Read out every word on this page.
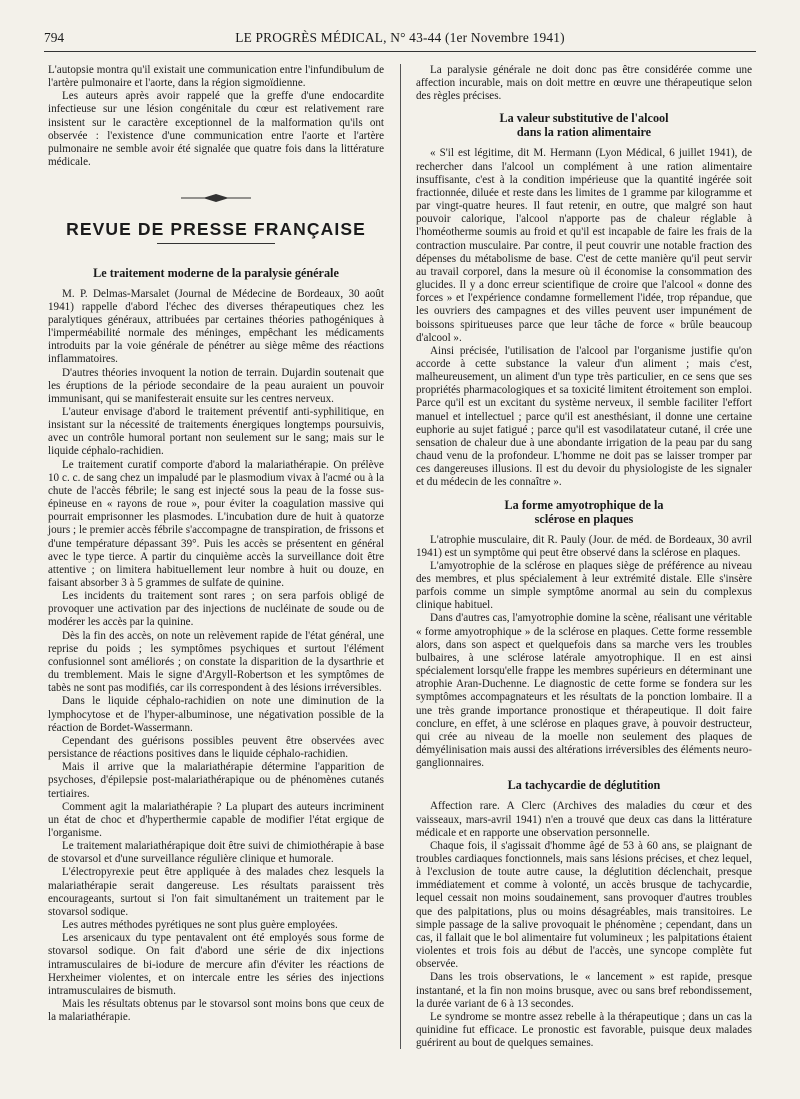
794	LE PROGRÈS MÉDICAL, N° 43-44 (1er Novembre 1941)

L'autopsie montra qu'il existait une communication entre l'infundibulum de l'artère pulmonaire et l'aorte, dans la région sigmoïdienne.

Les auteurs après avoir rappelé que la greffe d'une endocardite infectieuse sur une lésion congénitale du cœur est relativement rare insistent sur le caractère exceptionnel de la malformation qu'ils ont observée : l'existence d'une communication entre l'aorte et l'artère pulmonaire ne semble avoir été signalée que quatre fois dans la littérature médicale.

REVUE DE PRESSE FRANÇAISE
Le traitement moderne de la paralysie générale

M. P. Delmas-Marsalet (Journal de Médecine de Bordeaux, 30 août 1941) rappelle d'abord l'échec des diverses thérapeutiques chez les paralytiques généraux, attribuées par certaines théories pathogéniques à l'imperméabilité normale des méninges, empêchant les médicaments introduits par la voie générale de pénétrer au siège même des réactions inflammatoires.

D'autres théories invoquent la notion de terrain. Dujardin soutenait que les éruptions de la période secondaire de la peau auraient un pouvoir immunisant, qui se manifesterait ensuite sur les centres nerveux.

L'auteur envisage d'abord le traitement préventif anti-syphilitique, en insistant sur la nécessité de traitements énergiques longtemps poursuivis, avec un contrôle humoral portant non seulement sur le sang; mais sur le liquide céphalo-rachidien.

Le traitement curatif comporte d'abord la malariathérapie. On prélève 10 c. c. de sang chez un impaludé par le plasmodium vivax à l'acmé ou à la chute de l'accès fébrile; le sang est injecté sous la peau de la fosse sus-épineuse en « rayons de roue », pour éviter la coagulation massive qui pourrait emprisonner les plasmodes. L'incubation dure de huit à quatorze jours ; le premier accès fébrile s'accompagne de transpiration, de frissons et d'une température dépassant 39°. Puis les accès se présentent en général avec le type tierce. A partir du cinquième accès la surveillance doit être attentive ; on limitera habituellement leur nombre à huit ou douze, en faisant absorber 3 à 5 grammes de sulfate de quinine.

Les incidents du traitement sont rares ; on sera parfois obligé de provoquer une activation par des injections de nucléinate de soude ou de modérer les accès par la quinine.

Dès la fin des accès, on note un relèvement rapide de l'état général, une reprise du poids ; les symptômes psychiques et surtout l'élément confusionnel sont améliorés ; on constate la disparition de la dysarthrie et du tremblement. Mais le signe d'Argyll-Robertson et les symptômes de tabès ne sont pas modifiés, car ils correspondent à des lésions irréversibles.

Dans le liquide céphalo-rachidien on note une diminution de la lymphocytose et de l'hyper-albuminose, une négativation possible de la réaction de Bordet-Wassermann.

Cependant des guérisons possibles peuvent être observées avec persistance de réactions positives dans le liquide céphalo-rachidien.

Mais il arrive que la malariathérapie détermine l'apparition de psychoses, d'épilepsie post-malariathérapique ou de phénomènes cutanés tertiaires.

Comment agit la malariathérapie ? La plupart des auteurs incriminent un état de choc et d'hyperthermie capable de modifier l'état ergique de l'organisme.

Le traitement malariathérapique doit être suivi de chimiothérapie à base de stovarsol et d'une surveillance régulière clinique et humorale.

L'électropyrexie peut être appliquée à des malades chez lesquels la malariathérapie serait dangereuse. Les résultats paraissent très encourageants, surtout si l'on fait simultanément un traitement par le stovarsol sodique.

Les autres méthodes pyrétiques ne sont plus guère employées.

Les arsenicaux du type pentavalent ont été employés sous forme de stovarsol sodique. On fait d'abord une série de dix injections intramusculaires de bi-iodure de mercure afin d'éviter les réactions de Herxheimer violentes, et on intercale entre les séries des injections intramusculaires de bismuth.

Mais les résultats obtenus par le stovarsol sont moins bons que ceux de la malariathérapie.

La paralysie générale ne doit donc pas être considérée comme une affection incurable, mais on doit mettre en œuvre une thérapeutique selon des règles précises.

La valeur substitutive de l'alcool
dans la ration alimentaire

« S'il est légitime, dit M. Hermann (Lyon Médical, 6 juillet 1941), de rechercher dans l'alcool un complément à une ration alimentaire insuffisante, c'est à la condition impérieuse que la quantité ingérée soit fractionnée, diluée et reste dans les limites de 1 gramme par kilogramme et par vingt-quatre heures. Il faut retenir, en outre, que malgré son haut pouvoir calorique, l'alcool n'apporte pas de chaleur réglable à l'homéotherme soumis au froid et qu'il est incapable de faire les frais de la contraction musculaire. Par contre, il peut couvrir une notable fraction des dépenses du métabolisme de base. C'est de cette manière qu'il peut servir au travail corporel, dans la mesure où il économise la consommation des glucides. Il y a donc erreur scientifique de croire que l'alcool « donne des forces » et l'expérience condamne formellement l'idée, trop répandue, que les ouvriers des campagnes et des villes peuvent user impunément de boissons spiritueuses parce que leur tâche de force « brûle beaucoup d'alcool ».

Ainsi précisée, l'utilisation de l'alcool par l'organisme justifie qu'on accorde à cette substance la valeur d'un aliment ; mais c'est, malheureusement, un aliment d'un type très particulier, en ce sens que ses propriétés pharmacologiques et sa toxicité limitent étroitement son emploi. Parce qu'il est un excitant du système nerveux, il semble faciliter l'effort manuel et intellectuel ; parce qu'il est anesthésiant, il donne une certaine euphorie au sujet fatigué ; parce qu'il est vasodilatateur cutané, il crée une sensation de chaleur due à une abondante irrigation de la peau par du sang chaud venu de la profondeur. L'homme ne doit pas se laisser tromper par ces dangereuses illusions. Il est du devoir du physiologiste de les signaler et du médecin de les connaître ».

La forme amyotrophique de la
sclérose en plaques

L'atrophie musculaire, dit R. Pauly (Jour. de méd. de Bordeaux, 30 avril 1941) est un symptôme qui peut être observé dans la sclérose en plaques.

L'amyotrophie de la sclérose en plaques siège de préférence au niveau des membres, et plus spécialement à leur extrémité distale. Elle s'insère parfois comme un simple symptôme anormal au sein du complexus clinique habituel.

Dans d'autres cas, l'amyotrophie domine la scène, réalisant une véritable « forme amyotrophique » de la sclérose en plaques. Cette forme ressemble alors, dans son aspect et quelquefois dans sa marche vers les troubles bulbaires, à une sclérose latérale amyotrophique. Il en est ainsi spécialement lorsqu'elle frappe les membres supérieurs en déterminant une atrophie Aran-Duchenne. Le diagnostic de cette forme se fondera sur les symptômes accompagnateurs et les résultats de la ponction lombaire. Il a une très grande importance pronostique et thérapeutique. Il doit faire conclure, en effet, à une sclérose en plaques grave, à pouvoir destructeur, qui crée au niveau de la moelle non seulement des plaques de démyélinisation mais aussi des altérations irréversibles des éléments neuro-ganglionnaires.

La tachycardie de déglutition

Affection rare. A Clerc (Archives des maladies du cœur et des vaisseaux, mars-avril 1941) n'en a trouvé que deux cas dans la littérature médicale et en rapporte une observation personnelle.

Chaque fois, il s'agissait d'homme âgé de 53 à 60 ans, se plaignant de troubles cardiaques fonctionnels, mais sans lésions précises, et chez lequel, à l'exclusion de toute autre cause, la déglutition déclenchait, presque immédiatement et comme à volonté, un accès brusque de tachycardie, lequel cessait non moins soudainement, sans provoquer d'autres troubles que des palpitations, plus ou moins désagréables, mais transitoires. Le simple passage de la salive provoquait le phénomène ; cependant, dans un cas, il fallait que le bol alimentaire fut volumineux ; les palpitations étaient violentes et trois fois au début de l'accès, une syncope complète fut observée.

Dans les trois observations, le « lancement » est rapide, presque instantané, et la fin non moins brusque, avec ou sans bref rebondissement, la durée variant de 6 à 13 secondes.

Le syndrome se montre assez rebelle à la thérapeutique ; dans un cas la quinidine fut efficace. Le pronostic est favorable, puisque deux malades guérirent au bout de quelques semaines.
